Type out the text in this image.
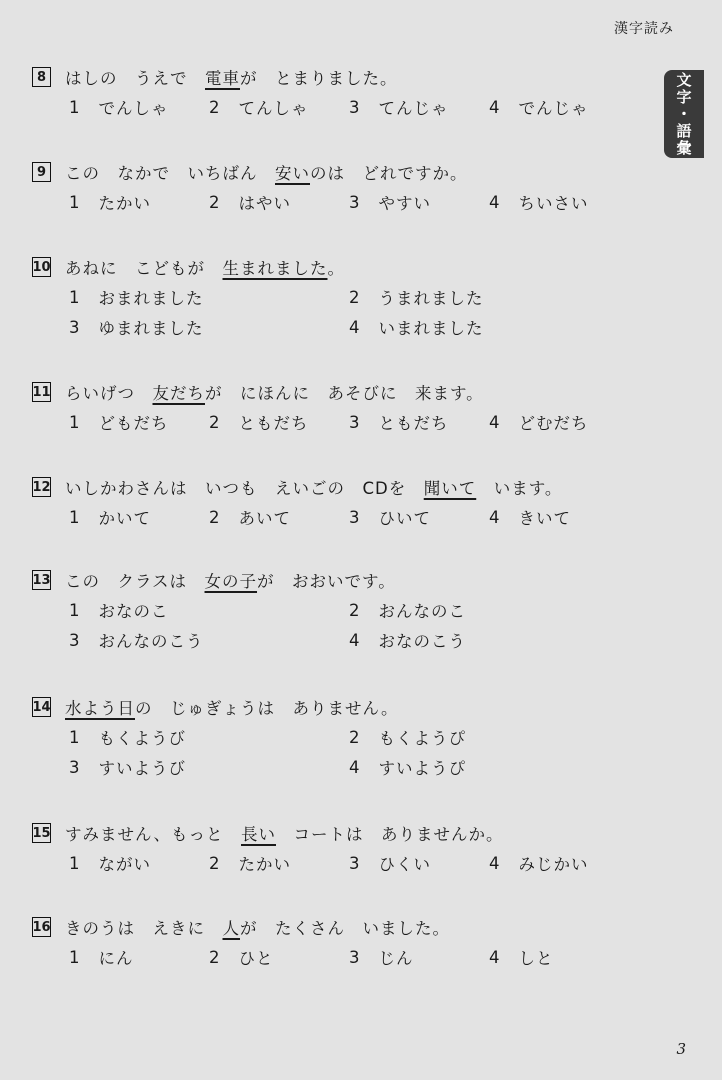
漢字読み
文字・語彙
8	はしの　うえで　 電車 が　とまりました。
1 でんしゃ 2 てんしゃ 3 てんじゃ 4 でんじゃ
9	この　なかで　いちばん　 安い のは　どれですか。
1 たかい	2 はやい	3 やすい	4 ちいさい
10 あねに　こどもが　 生まれました 。
1 おまれました	2 うまれました
3 ゆまれました	4 いまれました
11 らいげつ　 友だち が　にほんに　あそびに　来ます。
1 どもだち 2 ともだち 3 ともだち 4 どむだち
12 いしかわさんは　いつも　えいごの　CDを　 聞いて 　います。
1 かいて	2 あいて	3 ひいて	4 きいて
13 この　クラスは　 女の子 が　おおいです。
1 おなのこ	2 おんなのこ
3 おんなのこう	4 おなのこう
14 水よう日 の　じゅぎょうは　ありません。
1 もくようび	2 もくようぴ
3 すいようび	4 すいようぴ
15 すみません、もっと　 長い 　コートは　ありませんか。
1 ながい	2 たかい	3 ひくい	4 みじかい
16 きのうは　えきに　 人 が　たくさん　いました。
1 にん	2 ひと	3 じん	4 しと
3
